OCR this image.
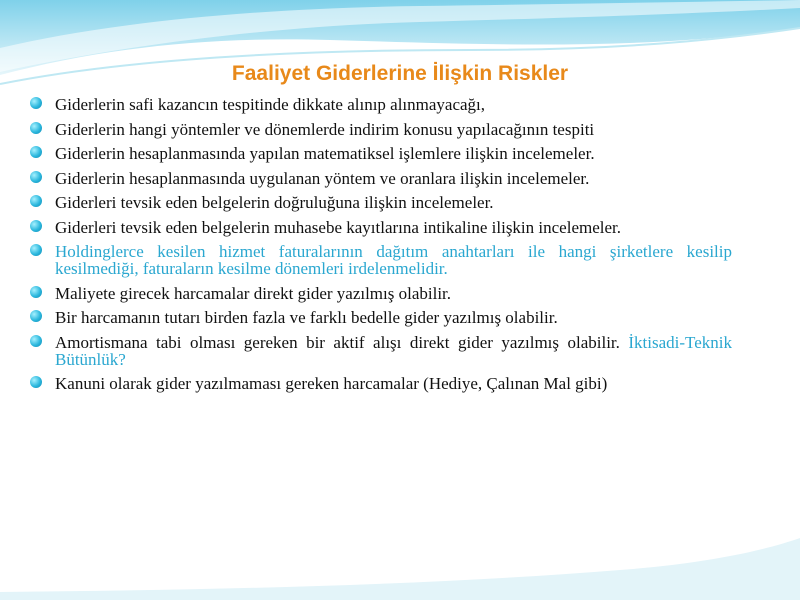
Faaliyet Giderlerine İlişkin Riskler
Giderlerin safi kazancın tespitinde dikkate alınıp alınmayacağı,
Giderlerin hangi yöntemler ve dönemlerde indirim konusu yapılacağının tespiti
Giderlerin hesaplanmasında yapılan matematiksel işlemlere ilişkin incelemeler.
Giderlerin hesaplanmasında uygulanan yöntem ve oranlara ilişkin incelemeler.
Giderleri tevsik eden belgelerin doğruluğuna ilişkin incelemeler.
Giderleri tevsik eden belgelerin muhasebe kayıtlarına intikaline ilişkin incelemeler.
Holdinglerce kesilen hizmet faturalarının dağıtım anahtarları ile hangi şirketlere kesilip kesilmediği, faturaların kesilme dönemleri irdelenmelidir.
Maliyete girecek harcamalar direkt gider yazılmış olabilir.
Bir harcamanın tutarı birden fazla ve farklı bedelle gider yazılmış olabilir.
Amortismana tabi olması gereken bir aktif alışı direkt gider yazılmış olabilir. İktisadi-Teknik Bütünlük?
Kanuni olarak gider yazılmaması gereken harcamalar (Hediye, Çalınan Mal gibi)
